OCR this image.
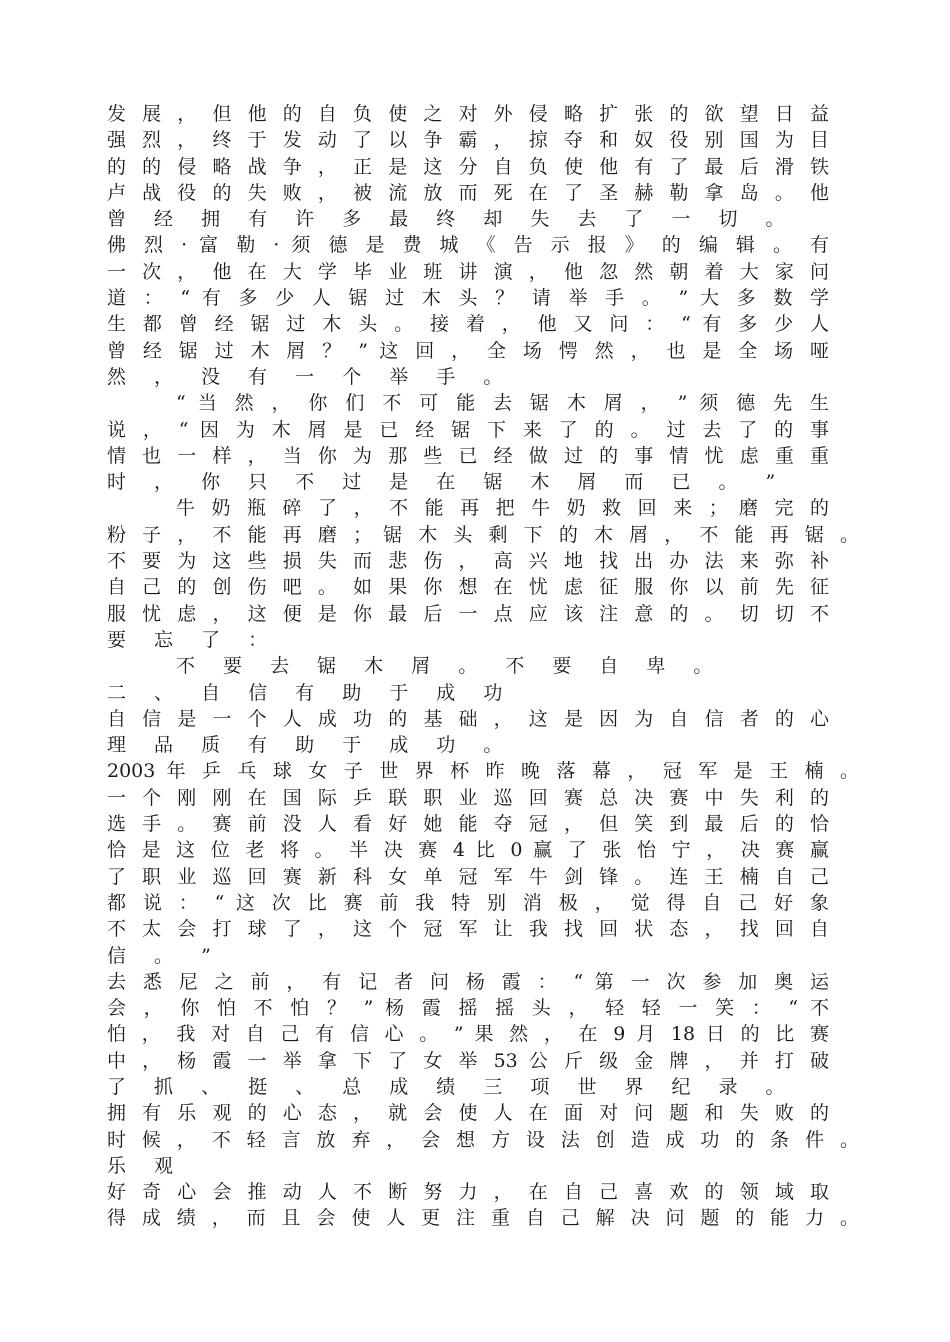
发 展 ， 但 他 的 自 负 使 之 对 外 侵 略 扩 张 的 欲 望 日 益
强 烈 ， 终 于 发 动 了 以 争 霸 ， 掠 夺 和 奴 役 别 国 为 目
的 的 侵 略 战 争 ， 正 是 这 分 自 负 使 他 有 了 最 后 滑 铁
卢 战 役 的 失 败 ， 被 流 放 而 死 在 了 圣 赫 勒 拿 岛 。 他
曾 经 拥 有 许 多 最 终 却 失 去 了 一 切 。
佛 烈 · 富 勒 · 须 德 是 费 城 《 告 示 报 》 的 编 辑 。 有
一 次 ， 他 在 大 学 毕 业 班 讲 演 ， 他 忽 然 朝 着 大 家 问
道 ： “ 有 多 少 人 锯 过 木 头 ？ 请 举 手 。 ” 大 多 数 学
生 都 曾 经 锯 过 木 头 。 接 着 ， 他 又 问 ： “ 有 多 少 人
曾 经 锯 过 木 屑 ？ ” 这 回 ， 全 场 愕 然 ， 也 是 全 场 哑
然 ， 没 有 一 个 举 手 。
“ 当 然 ， 你 们 不 可 能 去 锯 木 屑 ， ” 须 德 先 生
说 ， “ 因 为 木 屑 是 已 经 锯 下 来 了 的 。 过 去 了 的 事
情 也 一 样 ， 当 你 为 那 些 已 经 做 过 的 事 情 忧 虑 重 重
时 ， 你 只 不 过 是 在 锯 木 屑 而 已 。 ”
牛 奶 瓶 碎 了 ， 不 能 再 把 牛 奶 救 回 来 ； 磨 完 的
粉 子 ， 不 能 再 磨 ； 锯 木 头 剩 下 的 木 屑 ， 不 能 再 锯 。
不 要 为 这 些 损 失 而 悲 伤 ， 高 兴 地 找 出 办 法 来 弥 补
自 己 的 创 伤 吧 。 如 果 你 想 在 忧 虑 征 服 你 以 前 先 征
服 忧 虑 ， 这 便 是 你 最 后 一 点 应 该 注 意 的 。 切 切 不
要 忘 了 ：
不 要 去 锯 木 屑 。 不 要 自 卑 。
二 、 自 信 有 助 于 成 功
自 信 是 一 个 人 成 功 的 基 础 ， 这 是 因 为 自 信 者 的 心
理 品 质 有 助 于 成 功 。
2003 年 乒 乓 球 女 子 世 界 杯 昨 晚 落 幕 ， 冠 军 是 王 楠 。
一 个 刚 刚 在 国 际 乒 联 职 业 巡 回 赛 总 决 赛 中 失 利 的
选 手 。 赛 前 没 人 看 好 她 能 夺 冠 ， 但 笑 到 最 后 的 恰
恰 是 这 位 老 将 。 半 决 赛 4 比 0 赢 了 张 怡 宁 ， 决 赛 赢
了 职 业 巡 回 赛 新 科 女 单 冠 军 牛 剑 锋 。 连 王 楠 自 己
都 说 ： “ 这 次 比 赛 前 我 特 别 消 极 ， 觉 得 自 己 好 象
不 太 会 打 球 了 ， 这 个 冠 军 让 我 找 回 状 态 ， 找 回 自
信 。 ”
去 悉 尼 之 前 ， 有 记 者 问 杨 霞 ： “ 第 一 次 参 加 奥 运
会 ， 你 怕 不 怕 ？ ” 杨 霞 摇 摇 头 ， 轻 轻 一 笑 ： “ 不
怕 ， 我 对 自 己 有 信 心 。 ” 果 然 ， 在 9 月 18 日 的 比 赛
中 ， 杨 霞 一 举 拿 下 了 女 举 53 公 斤 级 金 牌 ， 并 打 破
了 抓 、 挺 、 总 成 绩 三 项 世 界 纪 录 。
拥 有 乐 观 的 心 态 ， 就 会 使 人 在 面 对 问 题 和 失 败 的
时 候 ， 不 轻 言 放 弃 ， 会 想 方 设 法 创 造 成 功 的 条 件 。
乐 观
好 奇 心 会 推 动 人 不 断 努 力 ， 在 自 己 喜 欢 的 领 域 取
得 成 绩 ， 而 且 会 使 人 更 注 重 自 己 解 决 问 题 的 能 力 。
